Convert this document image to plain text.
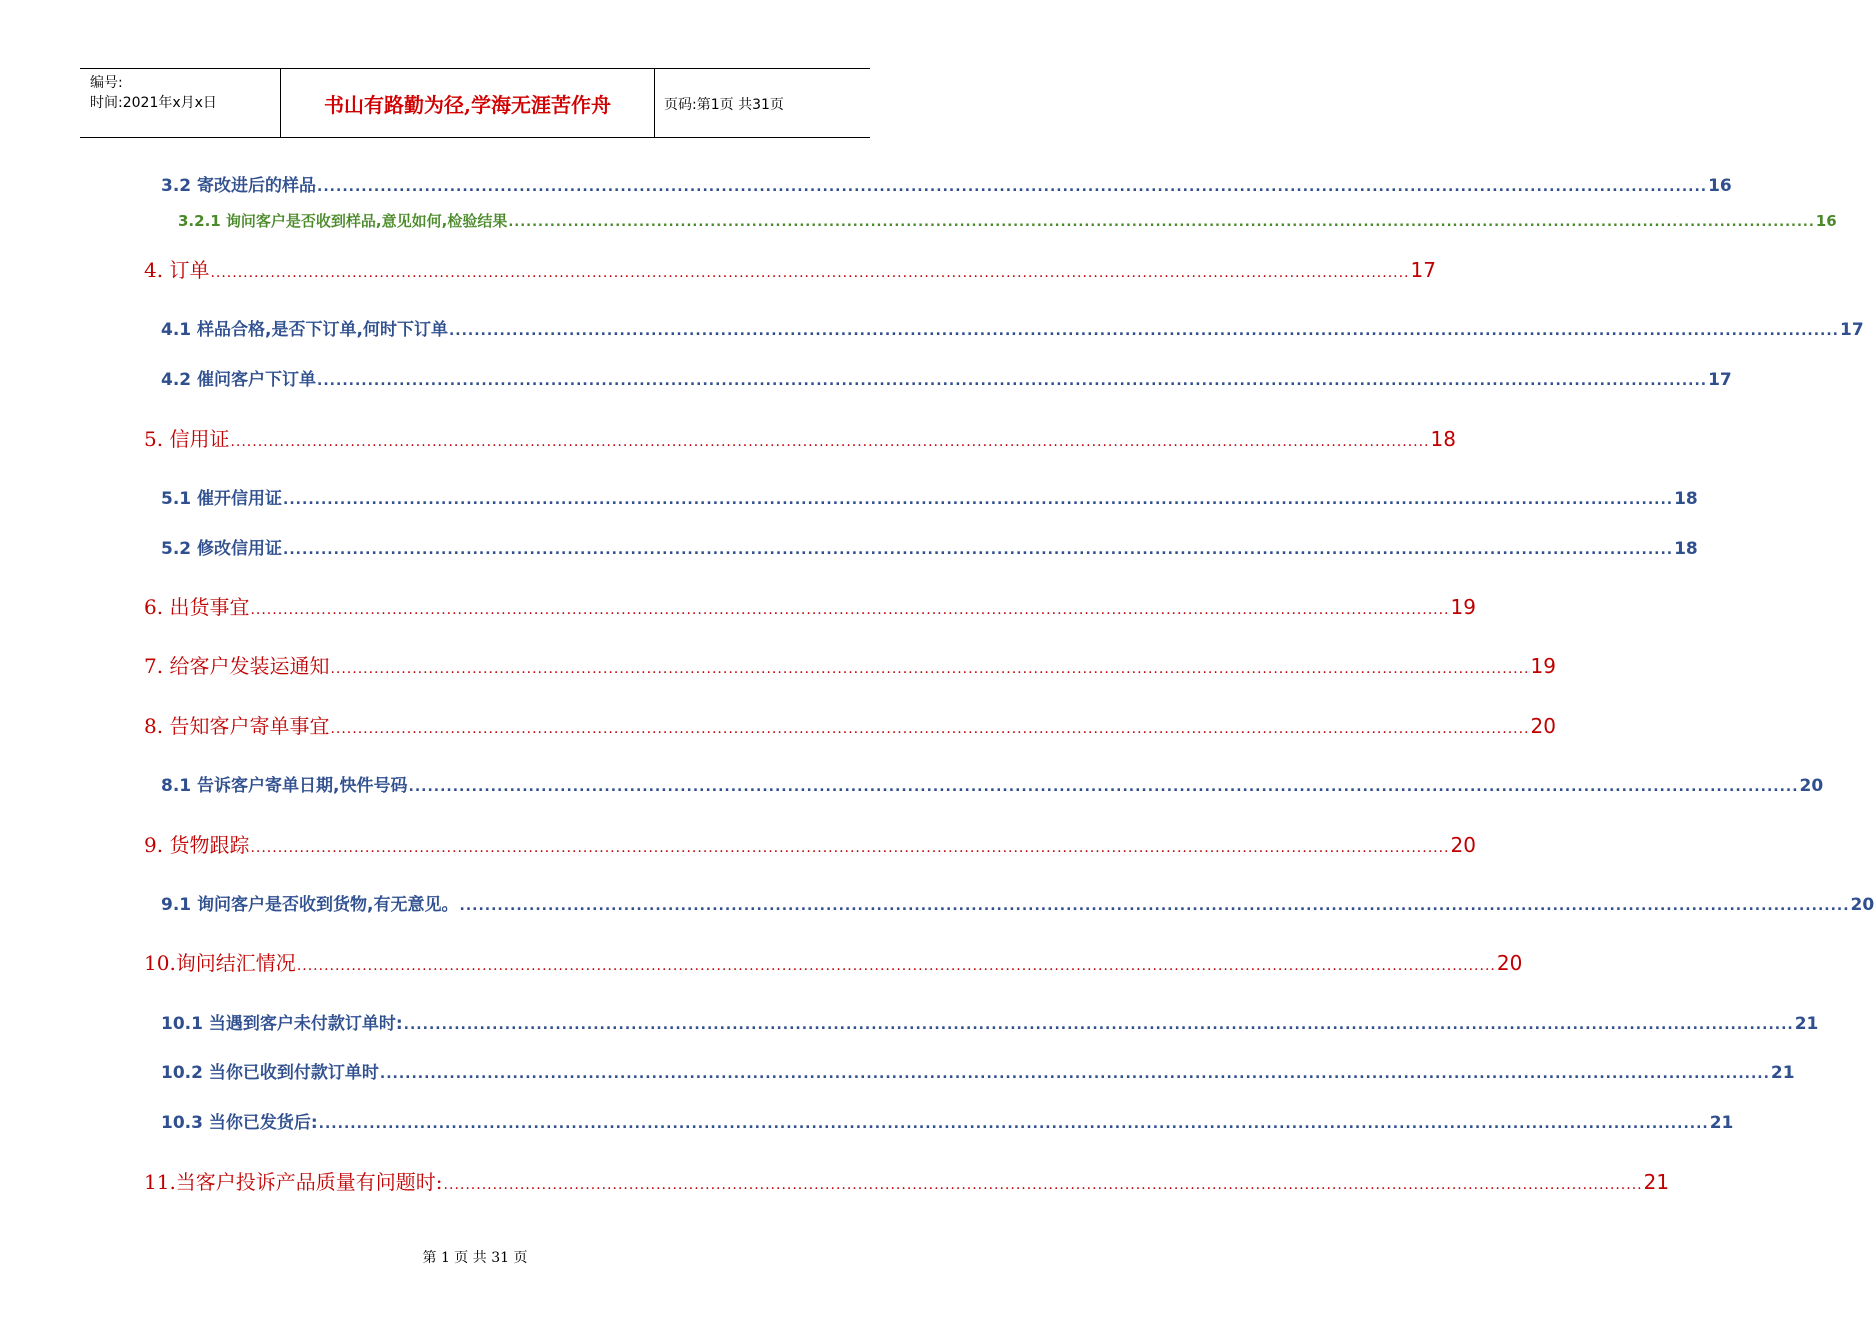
编号:
时间:2021年x月x日	书山有路勤为径,学海无涯苦作舟	页码:第1页 共31页
3.2 寄改进后的样品 ............................................................................................................................................................................................................................ 16
3.2.1 询问客户是否收到样品,意见如何,检验结果 ............................................................................................................................................................................................................................ 16
4. 订单 ............................................................................................................................................................................................................................ 17
4.1 样品合格,是否下订单,何时下订单 ............................................................................................................................................................................................................................ 17
4.2 催问客户下订单 ............................................................................................................................................................................................................................ 17
5. 信用证 ............................................................................................................................................................................................................................ 18
5.1 催开信用证 ............................................................................................................................................................................................................................ 18
5.2 修改信用证 ............................................................................................................................................................................................................................ 18
6. 出货事宜 ............................................................................................................................................................................................................................ 19
7. 给客户发装运通知 ............................................................................................................................................................................................................................ 19
8. 告知客户寄单事宜 ............................................................................................................................................................................................................................ 20
8.1 告诉客户寄单日期,快件号码 ............................................................................................................................................................................................................................ 20
9. 货物跟踪 ............................................................................................................................................................................................................................ 20
9.1 询问客户是否收到货物,有无意见。 ............................................................................................................................................................................................................................ 20
10.询问结汇情况 ............................................................................................................................................................................................................................ 20
10.1 当遇到客户未付款订单时: ............................................................................................................................................................................................................................ 21
10.2 当你已收到付款订单时 ............................................................................................................................................................................................................................ 21
10.3 当你已发货后: ............................................................................................................................................................................................................................ 21
11.当客户投诉产品质量有问题时: ............................................................................................................................................................................................................................ 21
第 1 页 共 31 页
